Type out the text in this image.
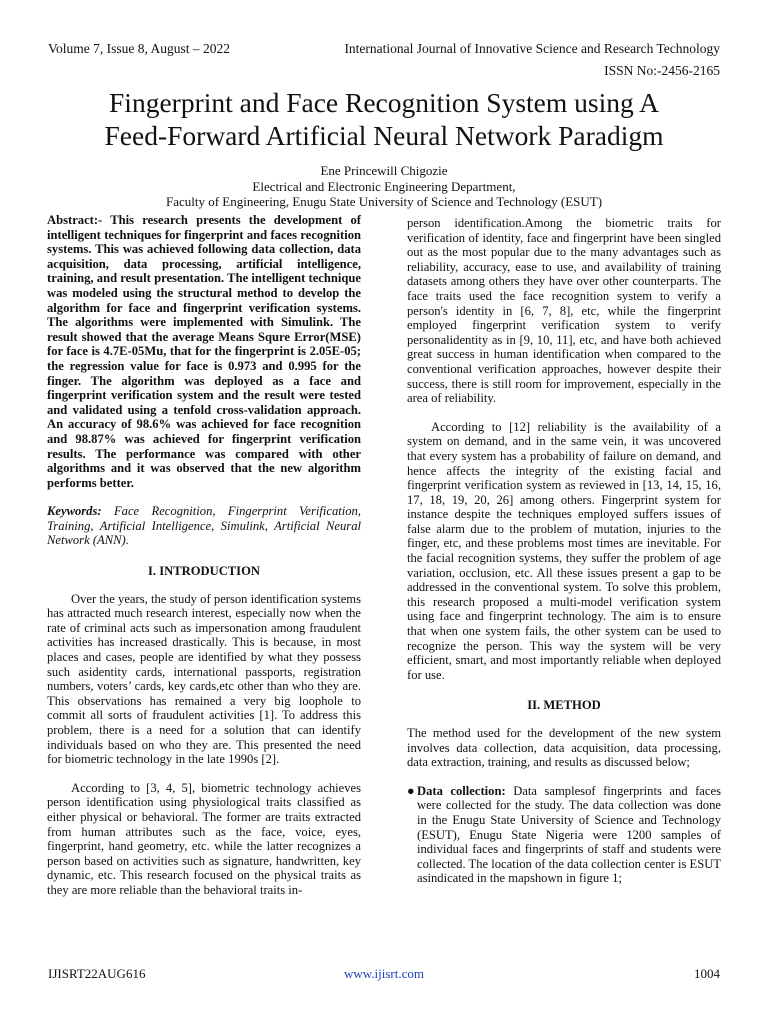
Volume 7, Issue 8, August – 2022	International Journal of Innovative Science and Research Technology
ISSN No:-2456-2165
Fingerprint and Face Recognition System using A
Feed-Forward Artificial Neural Network Paradigm
Ene Princewill Chigozie
Electrical and Electronic Engineering Department,
Faculty of Engineering, Enugu State University of Science and Technology (ESUT)

Abstract:- This research presents the development of intelligent techniques for fingerprint and faces recognition systems. This was achieved following data collection, data acquisition, data processing, artificial intelligence, training, and result presentation. The intelligent technique was modeled using the structural method to develop the algorithm for face and fingerprint verification systems. The algorithms were implemented with Simulink. The result showed that the average Means Squre Error(MSE) for face is 4.7E-05Mu, that for the fingerprint is 2.05E-05; the regression value for face is 0.973 and 0.995 for the finger. The algorithm was deployed as a face and fingerprint verification system and the result were tested and validated using a tenfold cross-validation approach. An accuracy of 98.6% was achieved for face recognition and 98.87% was achieved for fingerprint verification results. The performance was compared with other algorithms and it was observed that the new algorithm performs better.

Keywords: Face Recognition, Fingerprint Verification, Training, Artificial Intelligence, Simulink, Artificial Neural Network (ANN).

I. INTRODUCTION

Over the years, the study of person identification systems has attracted much research interest, especially now when the rate of criminal acts such as impersonation among fraudulent activities has increased drastically. This is because, in most places and cases, people are identified by what they possess such asidentity cards, international passports, registration numbers, voters’ cards, key cards,etc other than who they are. This observations has remained a very big loophole to commit all sorts of fraudulent activities [1]. To address this problem, there is a need for a solution that can identify individuals based on who they are. This presented the need for biometric technology in the late 1990s [2].

According to [3, 4, 5], biometric technology achieves person identification using physiological traits classified as either physical or behavioral. The former are traits extracted from human attributes such as the face, voice, eyes, fingerprint, hand geometry, etc. while the latter recognizes a person based on activities such as signature, handwritten, key dynamic, etc. This research focused on the physical traits as they are more reliable than the behavioral traits in-

person identification.Among the biometric traits for verification of identity, face and fingerprint have been singled out as the most popular due to the many advantages such as reliability, accuracy, ease to use, and availability of training datasets among others they have over other counterparts. The face traits used the face recognition system to verify a person's identity in [6, 7, 8], etc, while the fingerprint employed fingerprint verification system to verify personalidentity as in [9, 10, 11], etc, and have both achieved great success in human identification when compared to the conventional verification approaches, however despite their success, there is still room for improvement, especially in the area of reliability.

According to [12] reliability is the availability of a system on demand, and in the same vein, it was uncovered that every system has a probability of failure on demand, and hence affects the integrity of the existing facial and fingerprint verification system as reviewed in [13, 14, 15, 16, 17, 18, 19, 20, 26] among others. Fingerprint system for instance despite the techniques employed suffers issues of false alarm due to the problem of mutation, injuries to the finger, etc, and these problems most times are inevitable. For the facial recognition systems, they suffer the problem of age variation, occlusion, etc. All these issues present a gap to be addressed in the conventional system. To solve this problem, this research proposed a multi-model verification system using face and fingerprint technology. The aim is to ensure that when one system fails, the other system can be used to recognize the person. This way the system will be very efficient, smart, and most importantly reliable when deployed for use.

II. METHOD

The method used for the development of the new system involves data collection, data acquisition, data processing, data extraction, training, and results as discussed below;

● Data collection: Data samplesof fingerprints and faces were collected for the study. The data collection was done in the Enugu State University of Science and Technology (ESUT), Enugu State Nigeria were 1200 samples of individual faces and fingerprints of staff and students were collected. The location of the data collection center is ESUT asindicated in the mapshown in figure 1;
IJISRT22AUG616	www.ijisrt.com	1004
